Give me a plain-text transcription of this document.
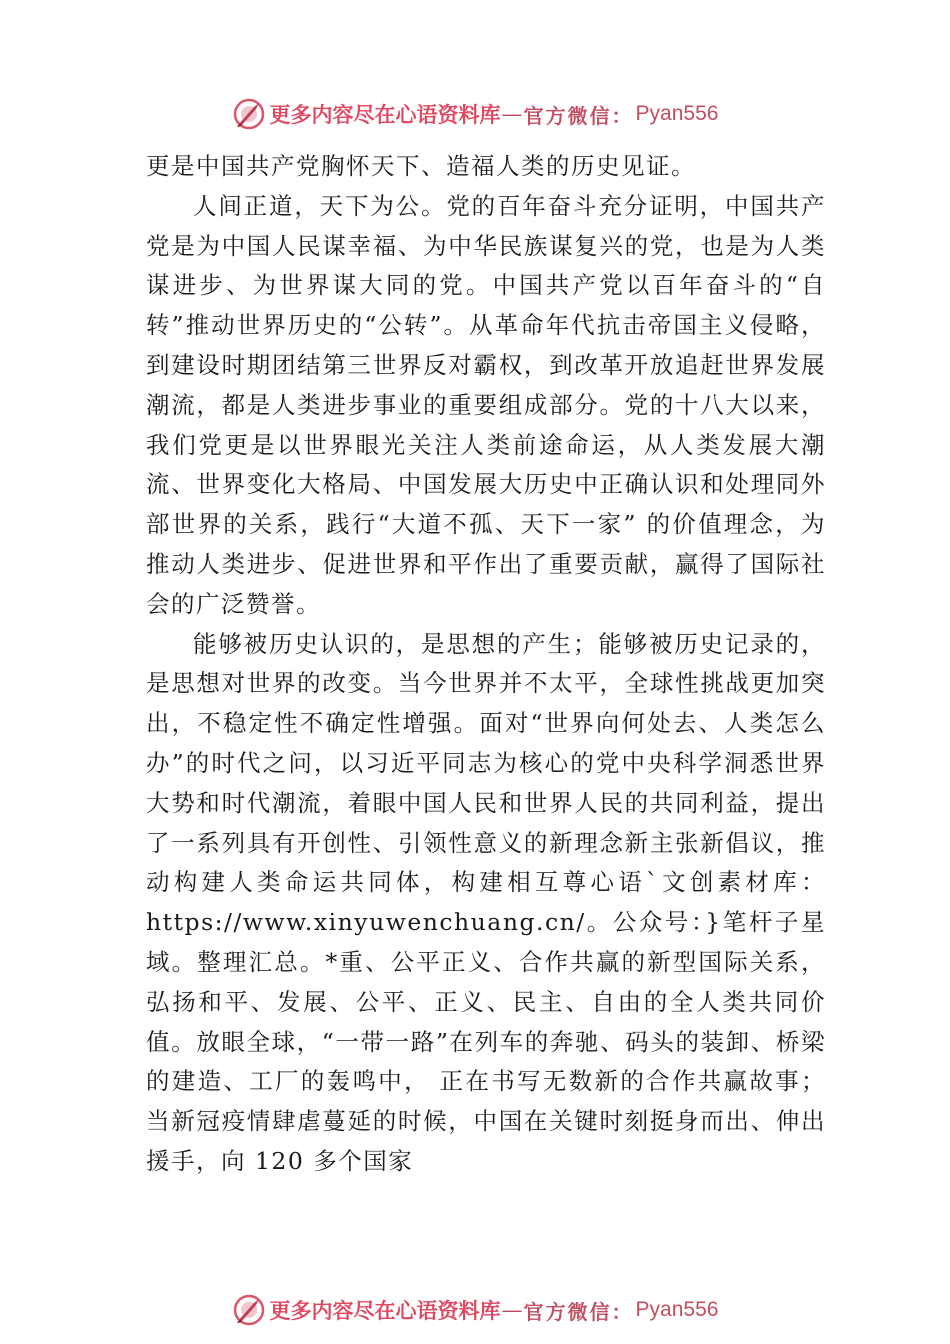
更多内容尽在心语资料库 — 官方微信： Pyan556

更是中国共产党胸怀天下、造福人类的历史见证。

人间正道，天下为公。党的百年奋斗充分证明，中国共产党是为中国人民谋幸福、为中华民族谋复兴的党，也是为人类谋进步、为世界谋大同的党。中国共产党以百年奋斗的“自转”推动世界历史的“公转”。从革命年代抗击帝国主义侵略，到建设时期团结第三世界反对霸权，到改革开放追赶世界发展潮流，都是人类进步事业的重要组成部分。党的十八大以来，我们党更是以世界眼光关注人类前途命运，从人类发展大潮流、世界变化大格局、中国发展大历史中正确认识和处理同外部世界的关系，践行“大道不孤、天下一家” 的价值理念，为推动人类进步、促进世界和平作出了重要贡献，赢得了国际社会的广泛赞誉。

能够被历史认识的，是思想的产生；能够被历史记录的，是思想对世界的改变。当今世界并不太平，全球性挑战更加突出，不稳定性不确定性增强。面对“世界向何处去、人类怎么办”的时代之问，以习近平同志为核心的党中央科学洞悉世界大势和时代潮流，着眼中国人民和世界人民的共同利益，提出了一系列具有开创性、引领性意义的新理念新主张新倡议，推动构建人类命运共同体，构建相互尊心语`文创素材库：https://www.xinyuwenchuang.cn/。公众号：}笔杆子星域。整理汇总。*重、公平正义、合作共赢的新型国际关系，弘扬和平、发展、公平、正义、民主、自由的全人类共同价值。放眼全球，“一带一路”在列车的奔驰、码头的装卸、桥梁的建造、工厂的轰鸣中， 正在书写无数新的合作共赢故事；当新冠疫情肆虐蔓延的时候，中国在关键时刻挺身而出、伸出援手，向 120 多个国家

更多内容尽在心语资料库 — 官方微信： Pyan556
